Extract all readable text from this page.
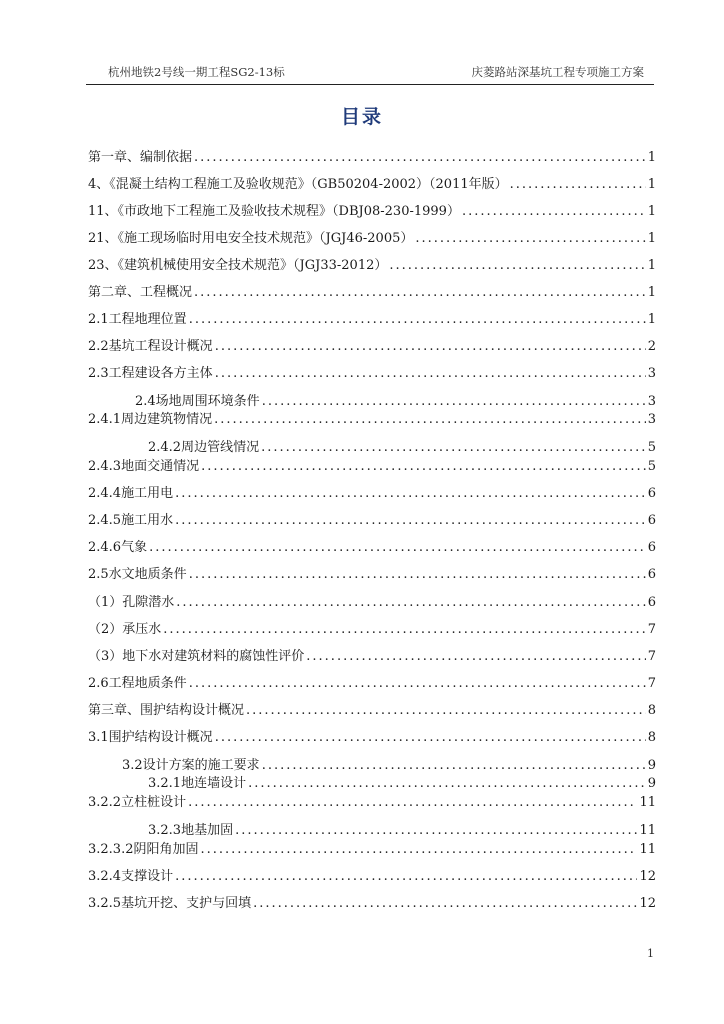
杭州地铁2号线一期工程SG2-13标	庆菱路站深基坑工程专项施工方案
目录
第一章、编制依据 .....	1
4、《混凝土结构工程施工及验收规范》（GB50204-2002）（2011年版） .....	1
11、《市政地下工程施工及验收技术规程》（DBJ08-230-1999） .....	1
21、《施工现场临时用电安全技术规范》（JGJ46-2005） .....	1
23、《建筑机械使用安全技术规范》（JGJ33-2012） .....	1
第二章、工程概况 .....	1
2.1工程地理位置 .....	1
2.2基坑工程设计概况 .....	2
2.3工程建设各方主体 .....	3
2.4场地周围环境条件 .....	3
2.4.1周边建筑物情况 .....	3
2.4.2周边管线情况 .....	5
2.4.3地面交通情况 .....	5
2.4.4施工用电 .....	6
2.4.5施工用水 .....	6
2.4.6气象 .....	6
2.5水文地质条件 .....	6
（1）孔隙潜水 .....	6
（2）承压水 .....	7
（3）地下水对建筑材料的腐蚀性评价 .....	7
2.6工程地质条件 .....	7
第三章、围护结构设计概况 .....	8
3.1围护结构设计概况 .....	8
3.2设计方案的施工要求 .....	9
3.2.1地连墙设计 .....	9
3.2.2立柱桩设计 .....	11
3.2.3地基加固 .....	11
3.2.3.2阴阳角加固 .....	11
3.2.4支撑设计 .....	12
3.2.5基坑开挖、支护与回填 .....	12
1
